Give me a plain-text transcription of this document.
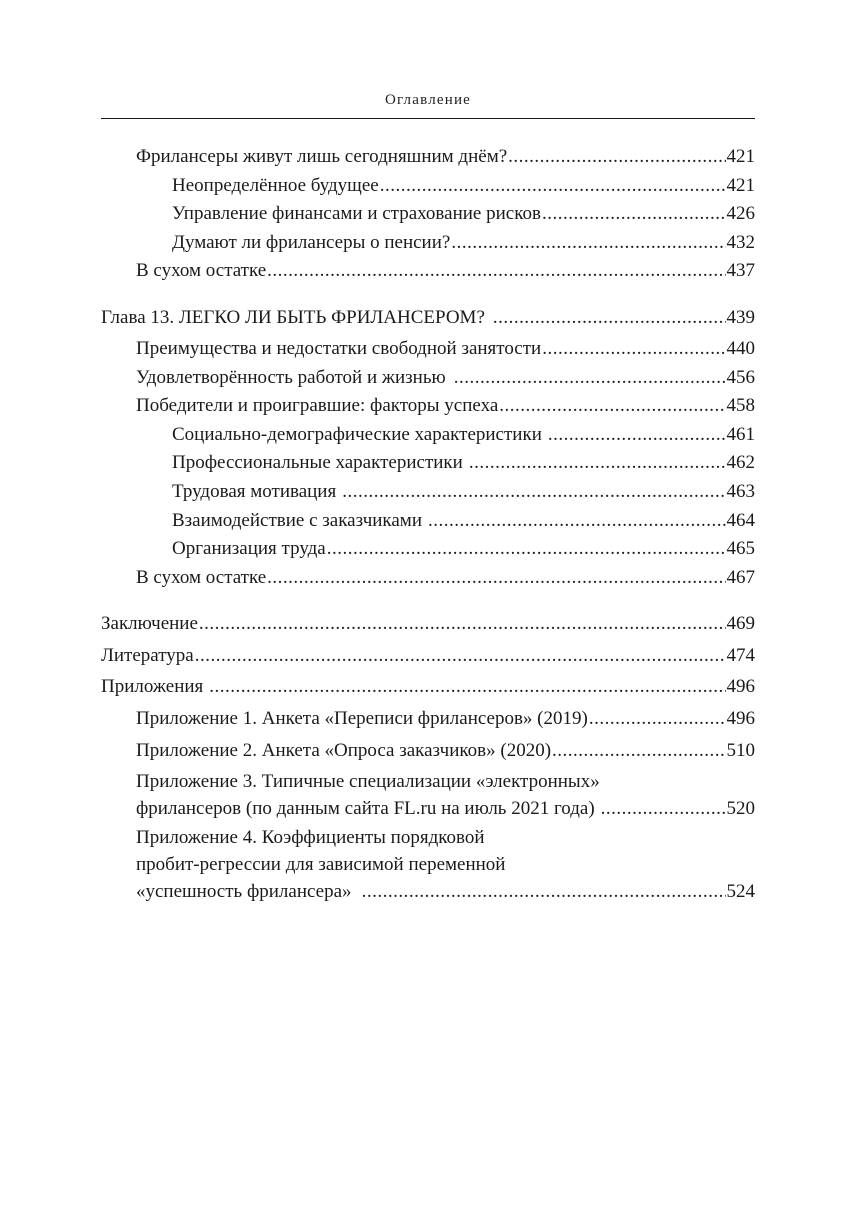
Оглавление
Фрилансеры живут лишь сегодняшним днём? .....	421
Неопределённое будущее .....	421
Управление финансами и страхование рисков .....	426
Думают ли фрилансеры о пенсии? .....	432
В сухом остатке .....	437
Глава 13. ЛЕГКО ЛИ БЫТЬ ФРИЛАНСЕРОМ? .....	439
Преимущества и недостатки свободной занятости .....	440
Удовлетворённость работой и жизнью .....	456
Победители и проигравшие: факторы успеха .....	458
Социально-демографические характеристики .....	461
Профессиональные характеристики .....	462
Трудовая мотивация .....	463
Взаимодействие с заказчиками .....	464
Организация труда .....	465
В сухом остатке .....	467
Заключение .....	469
Литература .....	474
Приложения .....	496
Приложение 1. Анкета «Переписи фрилансеров» (2019) .....	496
Приложение 2. Анкета «Опроса заказчиков» (2020) .....	510
Приложение 3. Типичные специализации «электронных»
фрилансеров (по данным сайта FL.ru на июль 2021 года) .....	520
Приложение 4. Коэффициенты порядковой
пробит-регрессии для зависимой переменной
«успешность фрилансера» .....	524
